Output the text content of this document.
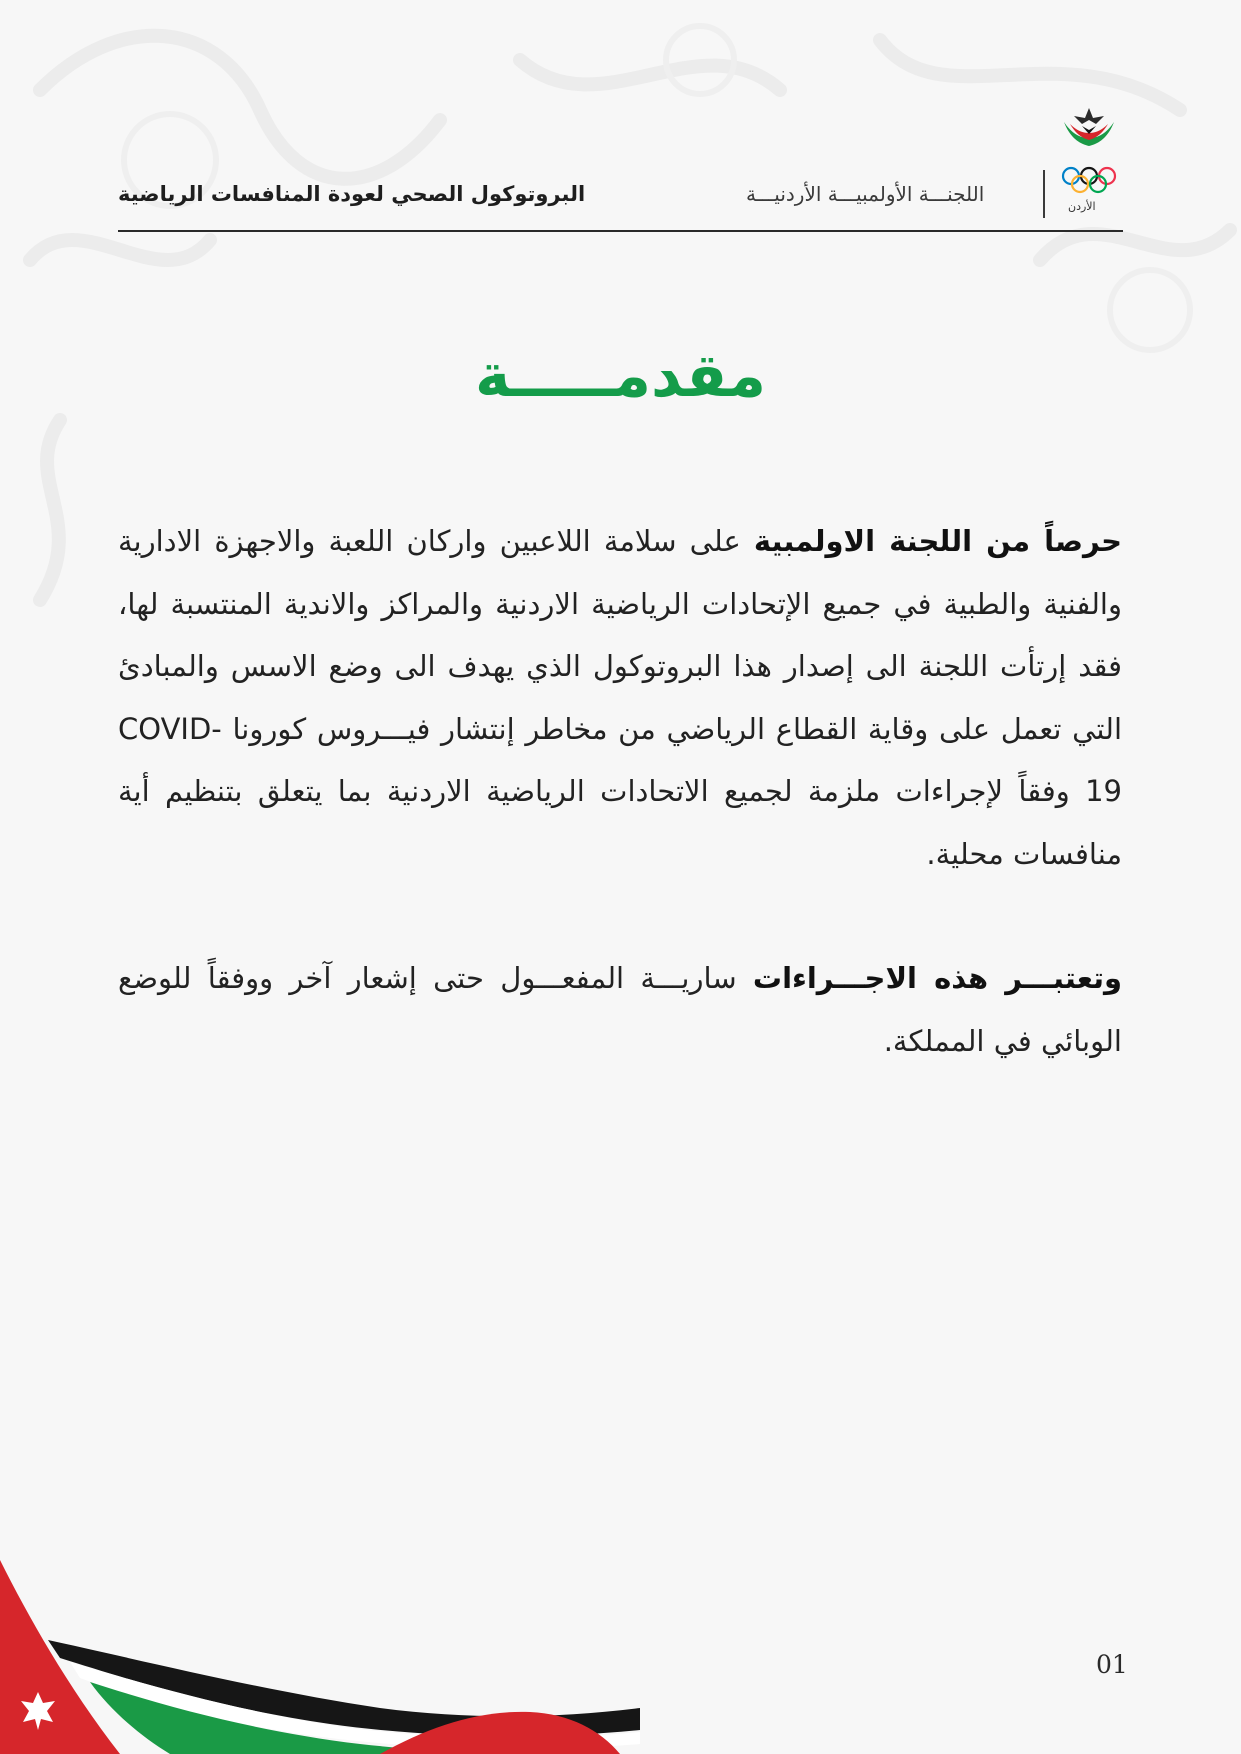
البروتوكول الصحي لعودة المنافسات الرياضية	اللجنـــة الأولمبيـــة الأردنيـــة
الأردن
مقدمـــــة

حرصاً من اللجنة الاولمبية على سلامة اللاعبين واركان اللعبة والاجهزة الادارية والفنية والطبية في جميع الإتحادات الرياضية الاردنية والمراكز والاندية المنتسبة لها، فقد إرتأت اللجنة الى إصدار هذا البروتوكول الذي يهدف الى وضع الاسس والمبادئ التي تعمل على وقاية القطاع الرياضي من مخاطر إنتشار فيـــروس كورونا COVID-19 وفقاً لإجراءات ملزمة لجميع الاتحادات الرياضية الاردنية بما يتعلق بتنظيم أية منافسات محلية.

وتعتبـــر هذه الاجـــراءات ساريـــة المفعـــول حتى إشعار آخر ووفقاً للوضع الوبائي في المملكة.

01
